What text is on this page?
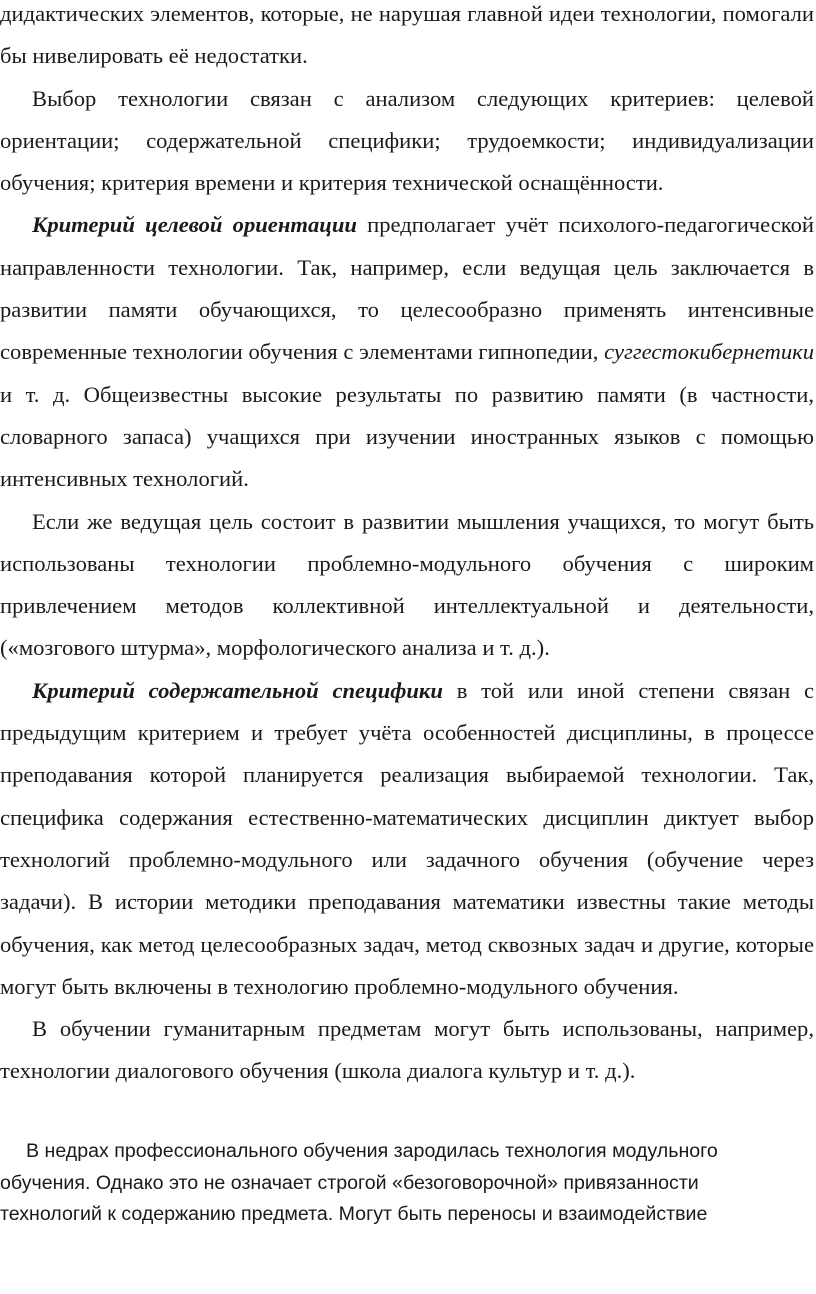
дидактических элементов, которые, не нарушая главной идеи технологии, помогали бы нивелировать её недостатки.

Выбор технологии связан с анализом следующих критериев: целевой ориентации; содержательной специфики; трудоемкости; индивидуализации обучения; критерия времени и критерия технической оснащённости.

Критерий целевой ориентации предполагает учёт психолого-педагогической направленности технологии. Так, например, если ведущая цель заключается в развитии памяти обучающихся, то целесообразно применять интенсивные современные технологии обучения с элементами гипнопедии, суггестокибернетики и т. д. Общеизвестны высокие результаты по развитию памяти (в частности, словарного запаса) учащихся при изучении иностранных языков с помощью интенсивных технологий.

Если же ведущая цель состоит в развитии мышления учащихся, то могут быть использованы технологии проблемно-модульного обучения с широким привлечением методов коллективной интеллектуальной и деятельности, («мозгового штурма», морфологического анализа и т. д.).

Критерий содержательной специфики в той или иной степени связан с предыдущим критерием и требует учёта особенностей дисциплины, в процессе преподавания которой планируется реализация выбираемой технологии. Так, специфика содержания естественно-математических дисциплин диктует выбор технологий проблемно-модульного или задачного обучения (обучение через задачи). В истории методики преподавания математики известны такие методы обучения, как метод целесообразных задач, метод сквозных задач и другие, которые могут быть включены в технологию проблемно-модульного обучения.

В обучении гуманитарным предметам могут быть использованы, например, технологии диалогового обучения (школа диалога культур и т. д.).

В недрах профессионального обучения зародилась технология модульного обучения. Однако это не означает строгой «безоговорочной» привязанности технологий к содержанию предмета. Могут быть переносы и взаимодействие
